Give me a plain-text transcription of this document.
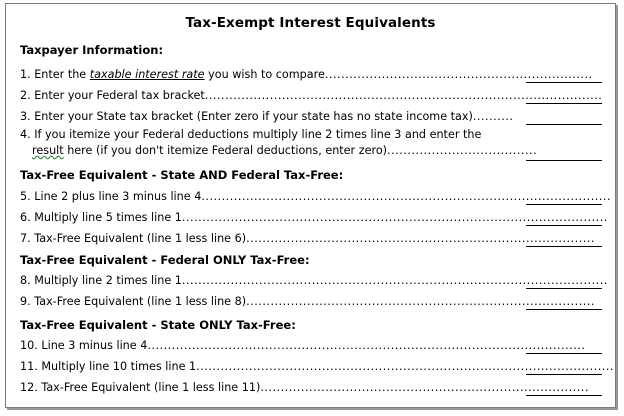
Tax-Exempt Interest Equivalents
Taxpayer Information:
1. Enter the taxable interest rate you wish to compare..................................................................
2. Enter your Federal tax bracket..................................................................................................
3. Enter your State tax bracket (Enter zero if your state has no state income tax)..........
4. If you itemize your Federal deductions multiply line 2 times line 3 and enter the
result here (if you don't itemize Federal deductions, enter zero).....................................
Tax-Free Equivalent - State AND Federal Tax-Free:
5. Line 2 plus line 3 minus line 4.....................................................................................................
6. Multiply line 5 times line 1.........................................................................................................
7. Tax-Free Equivalent (line 1 less line 6)......................................................................................
Tax-Free Equivalent - Federal ONLY Tax-Free:
8. Multiply line 2 times line 1.........................................................................................................
9. Tax-Free Equivalent (line 1 less line 8)......................................................................................
Tax-Free Equivalent - State ONLY Tax-Free:
10. Line 3 minus line 4............................................................................................................
11. Multiply line 10 times line 1.......................................................................................................
12. Tax-Free Equivalent (line 1 less line 11).................................................................................
